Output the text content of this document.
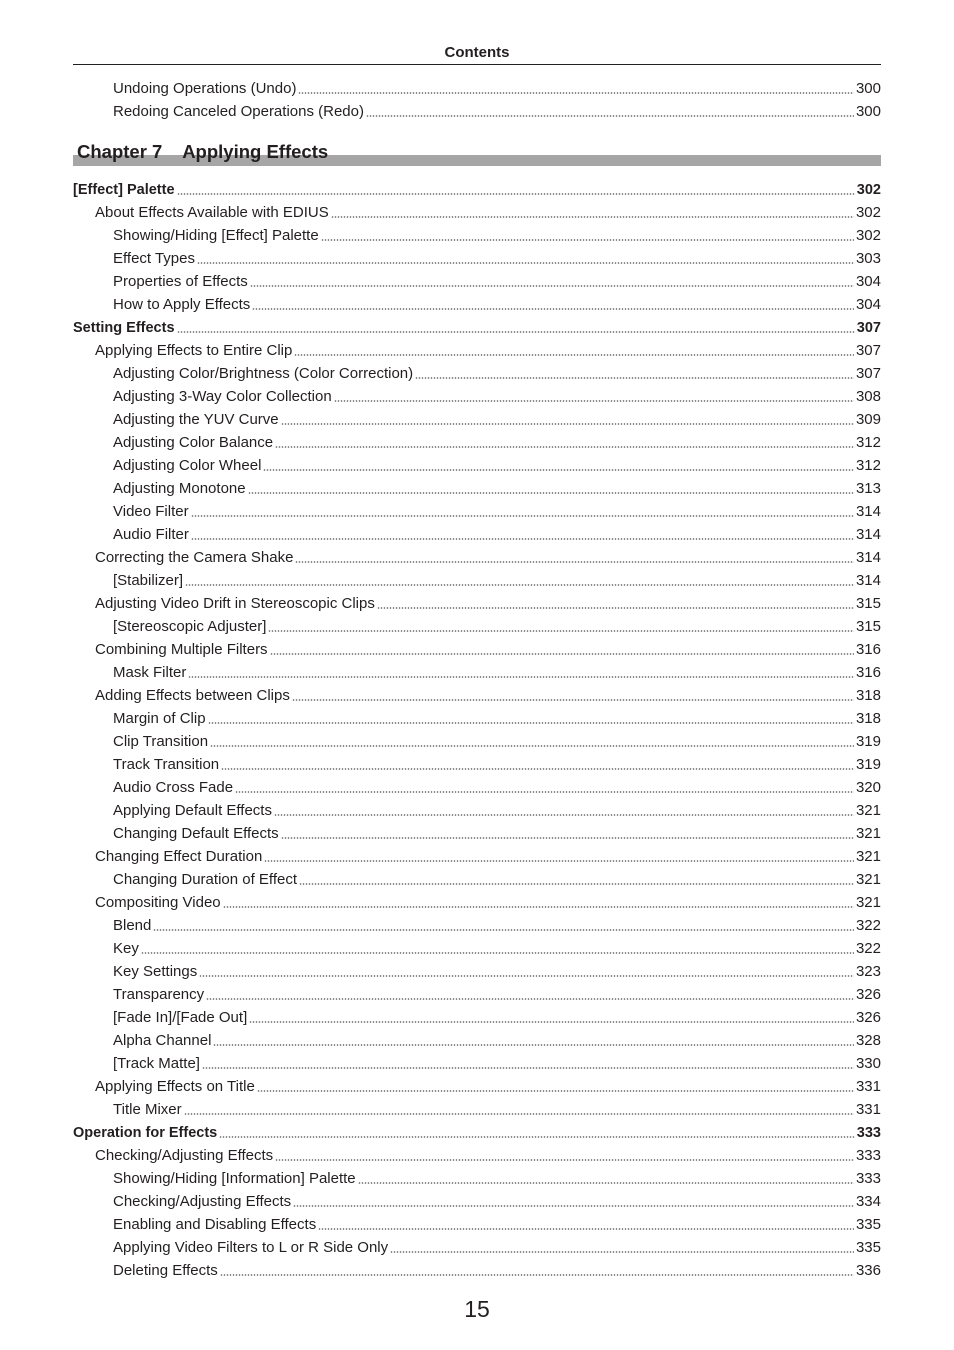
Contents
Undoing Operations (Undo)	300
Redoing Canceled Operations (Redo)	300
Chapter 7    Applying Effects
[Effect] Palette	302
About Effects Available with EDIUS	302
Showing/Hiding [Effect] Palette	302
Effect Types	303
Properties of Effects	304
How to Apply Effects	304
Setting Effects	307
Applying Effects to Entire Clip	307
Adjusting Color/Brightness (Color Correction)	307
Adjusting 3-Way Color Collection	308
Adjusting the YUV Curve	309
Adjusting Color Balance	312
Adjusting Color Wheel	312
Adjusting Monotone	313
Video Filter	314
Audio Filter	314
Correcting the Camera Shake	314
[Stabilizer]	314
Adjusting Video Drift in Stereoscopic Clips	315
[Stereoscopic Adjuster]	315
Combining Multiple Filters	316
Mask Filter	316
Adding Effects between Clips	318
Margin of Clip	318
Clip Transition	319
Track Transition	319
Audio Cross Fade	320
Applying Default Effects	321
Changing Default Effects	321
Changing Effect Duration	321
Changing Duration of Effect	321
Compositing Video	321
Blend	322
Key	322
Key Settings	323
Transparency	326
[Fade In]/[Fade Out]	326
Alpha Channel	328
[Track Matte]	330
Applying Effects on Title	331
Title Mixer	331
Operation for Effects	333
Checking/Adjusting Effects	333
Showing/Hiding [Information] Palette	333
Checking/Adjusting Effects	334
Enabling and Disabling Effects	335
Applying Video Filters to L or R Side Only	335
Deleting Effects	336
15
